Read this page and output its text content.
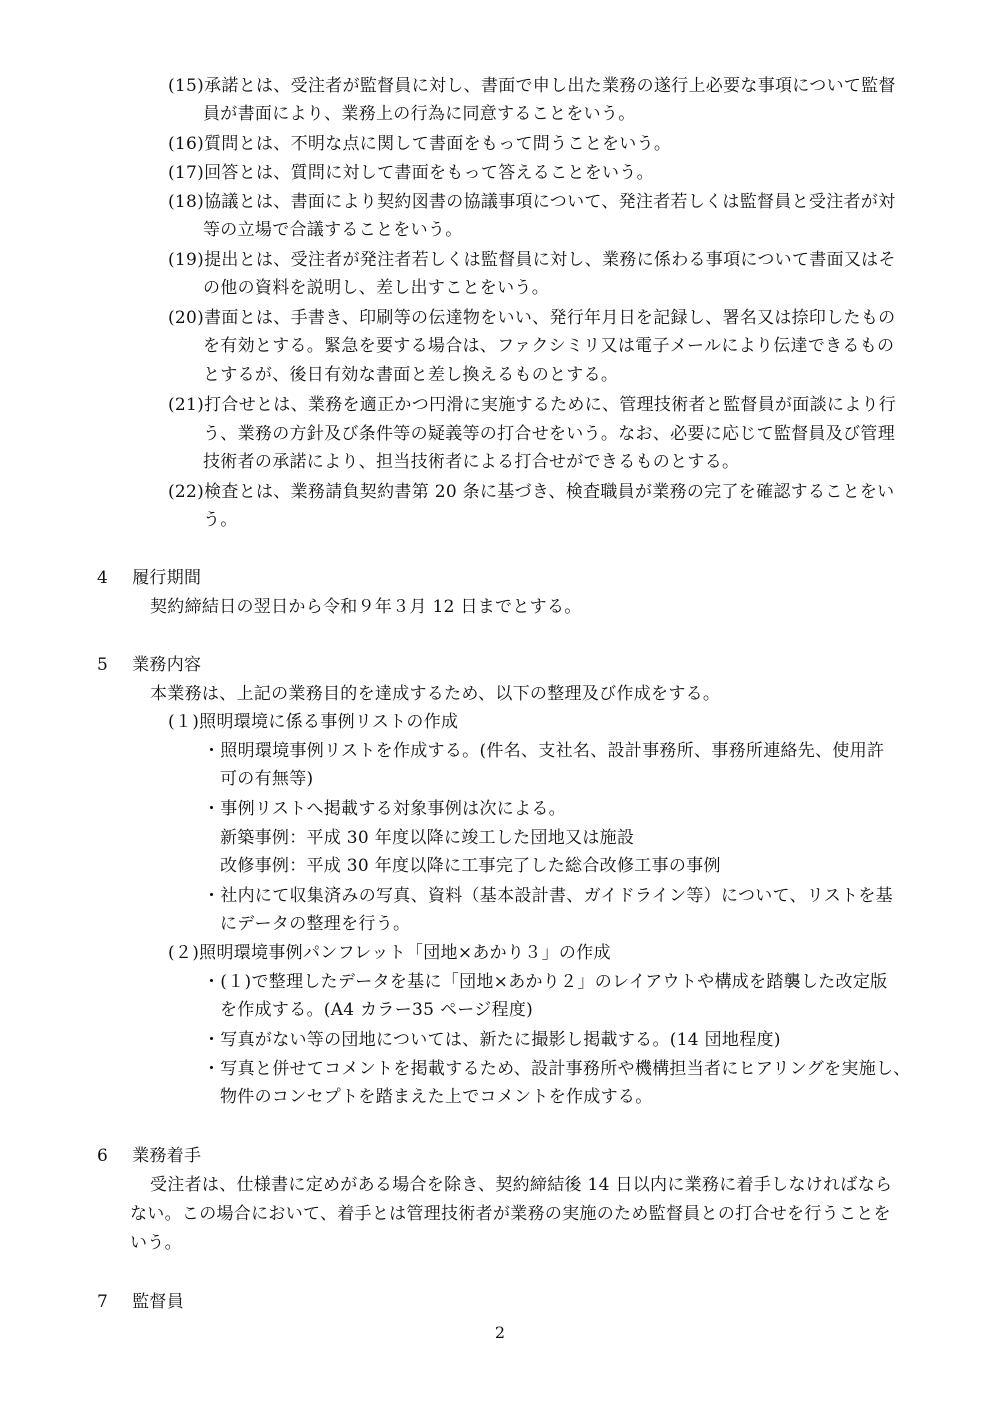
(15)承諾とは、受注者が監督員に対し、書面で申し出た業務の遂行上必要な事項について監督
員が書面により、業務上の行為に同意することをいう。
(16)質問とは、不明な点に関して書面をもって問うことをいう。
(17)回答とは、質問に対して書面をもって答えることをいう。
(18)協議とは、書面により契約図書の協議事項について、発注者若しくは監督員と受注者が対
等の立場で合議することをいう。
(19)提出とは、受注者が発注者若しくは監督員に対し、業務に係わる事項について書面又はそ
の他の資料を説明し、差し出すことをいう。
(20)書面とは、手書き、印刷等の伝達物をいい、発行年月日を記録し、署名又は捺印したもの
を有効とする。緊急を要する場合は、ファクシミリ又は電子メールにより伝達できるもの
とするが、後日有効な書面と差し換えるものとする。
(21)打合せとは、業務を適正かつ円滑に実施するために、管理技術者と監督員が面談により行
う、業務の方針及び条件等の疑義等の打合せをいう。なお、必要に応じて監督員及び管理
技術者の承諾により、担当技術者による打合せができるものとする。
(22)検査とは、業務請負契約書第 20 条に基づき、検査職員が業務の完了を確認することをい
う。
4 履行期間
契約締結日の翌日から令和９年３月 12 日までとする。
5 業務内容
本業務は、上記の業務目的を達成するため、以下の整理及び作成をする。
(１)照明環境に係る事例リストの作成
・照明環境事例リストを作成する。(件名、支社名、設計事務所、事務所連絡先、使用許
可の有無等)
・事例リストへ掲載する対象事例は次による。
新築事例：平成 30 年度以降に竣工した団地又は施設
改修事例：平成 30 年度以降に工事完了した総合改修工事の事例
・社内にて収集済みの写真、資料（基本設計書、ガイドライン等）について、リストを基
にデータの整理を行う。
(２)照明環境事例パンフレット「団地×あかり３」の作成
・(１)で整理したデータを基に「団地×あかり２」のレイアウトや構成を踏襲した改定版
を作成する。(A4 カラー35 ページ程度)
・写真がない等の団地については、新たに撮影し掲載する。(14 団地程度)
・写真と併せてコメントを掲載するため、設計事務所や機構担当者にヒアリングを実施し、
物件のコンセプトを踏まえた上でコメントを作成する。
6 業務着手
受注者は、仕様書に定めがある場合を除き、契約締結後 14 日以内に業務に着手しなければなら
ない。この場合において、着手とは管理技術者が業務の実施のため監督員との打合せを行うことを
いう。
7 監督員
2
